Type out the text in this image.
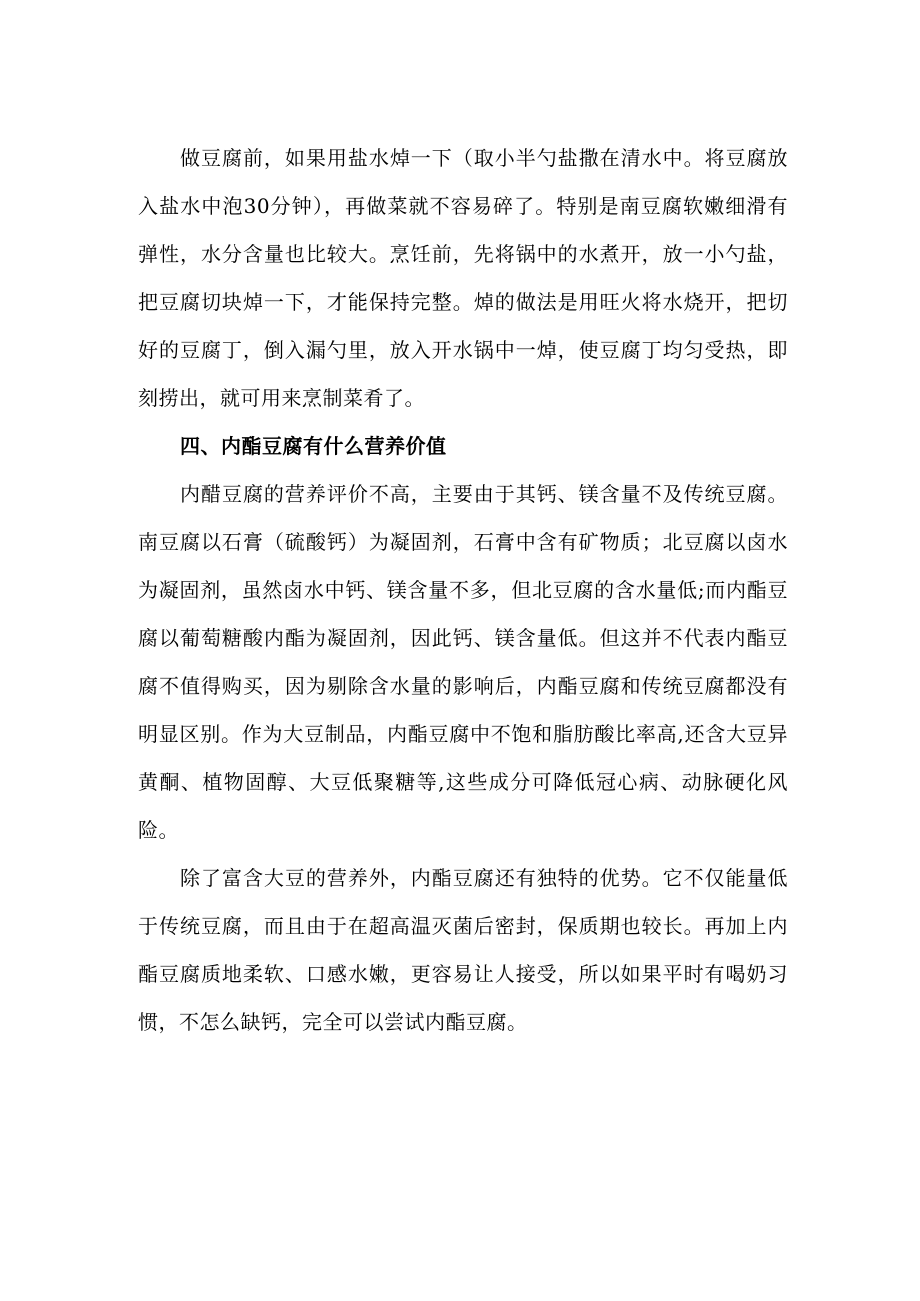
做豆腐前，如果用盐水焯一下（取小半勺盐撒在清水中。将豆腐放入盐水中泡30分钟），再做菜就不容易碎了。特别是南豆腐软嫩细滑有弹性，水分含量也比较大。烹饪前，先将锅中的水煮开，放一小勺盐，把豆腐切块焯一下，才能保持完整。焯的做法是用旺火将水烧开，把切好的豆腐丁，倒入漏勺里，放入开水锅中一焯，使豆腐丁均匀受热，即刻捞出，就可用来烹制菜肴了。

四、内酯豆腐有什么营养价值

内醋豆腐的营养评价不高，主要由于其钙、镁含量不及传统豆腐。南豆腐以石膏（硫酸钙）为凝固剂，石膏中含有矿物质；北豆腐以卤水为凝固剂，虽然卤水中钙、镁含量不多，但北豆腐的含水量低;而内酯豆腐以葡萄糖酸内酯为凝固剂，因此钙、镁含量低。但这并不代表内酯豆腐不值得购买，因为剔除含水量的影响后，内酯豆腐和传统豆腐都没有明显区别。作为大豆制品，内酯豆腐中不饱和脂肪酸比率高,还含大豆异黄酮、植物固醇、大豆低聚糖等,这些成分可降低冠心病、动脉硬化风险。

除了富含大豆的营养外，内酯豆腐还有独特的优势。它不仅能量低于传统豆腐，而且由于在超高温灭菌后密封，保质期也较长。再加上内酯豆腐质地柔软、口感水嫩，更容易让人接受，所以如果平时有喝奶习惯，不怎么缺钙，完全可以尝试内酯豆腐。
